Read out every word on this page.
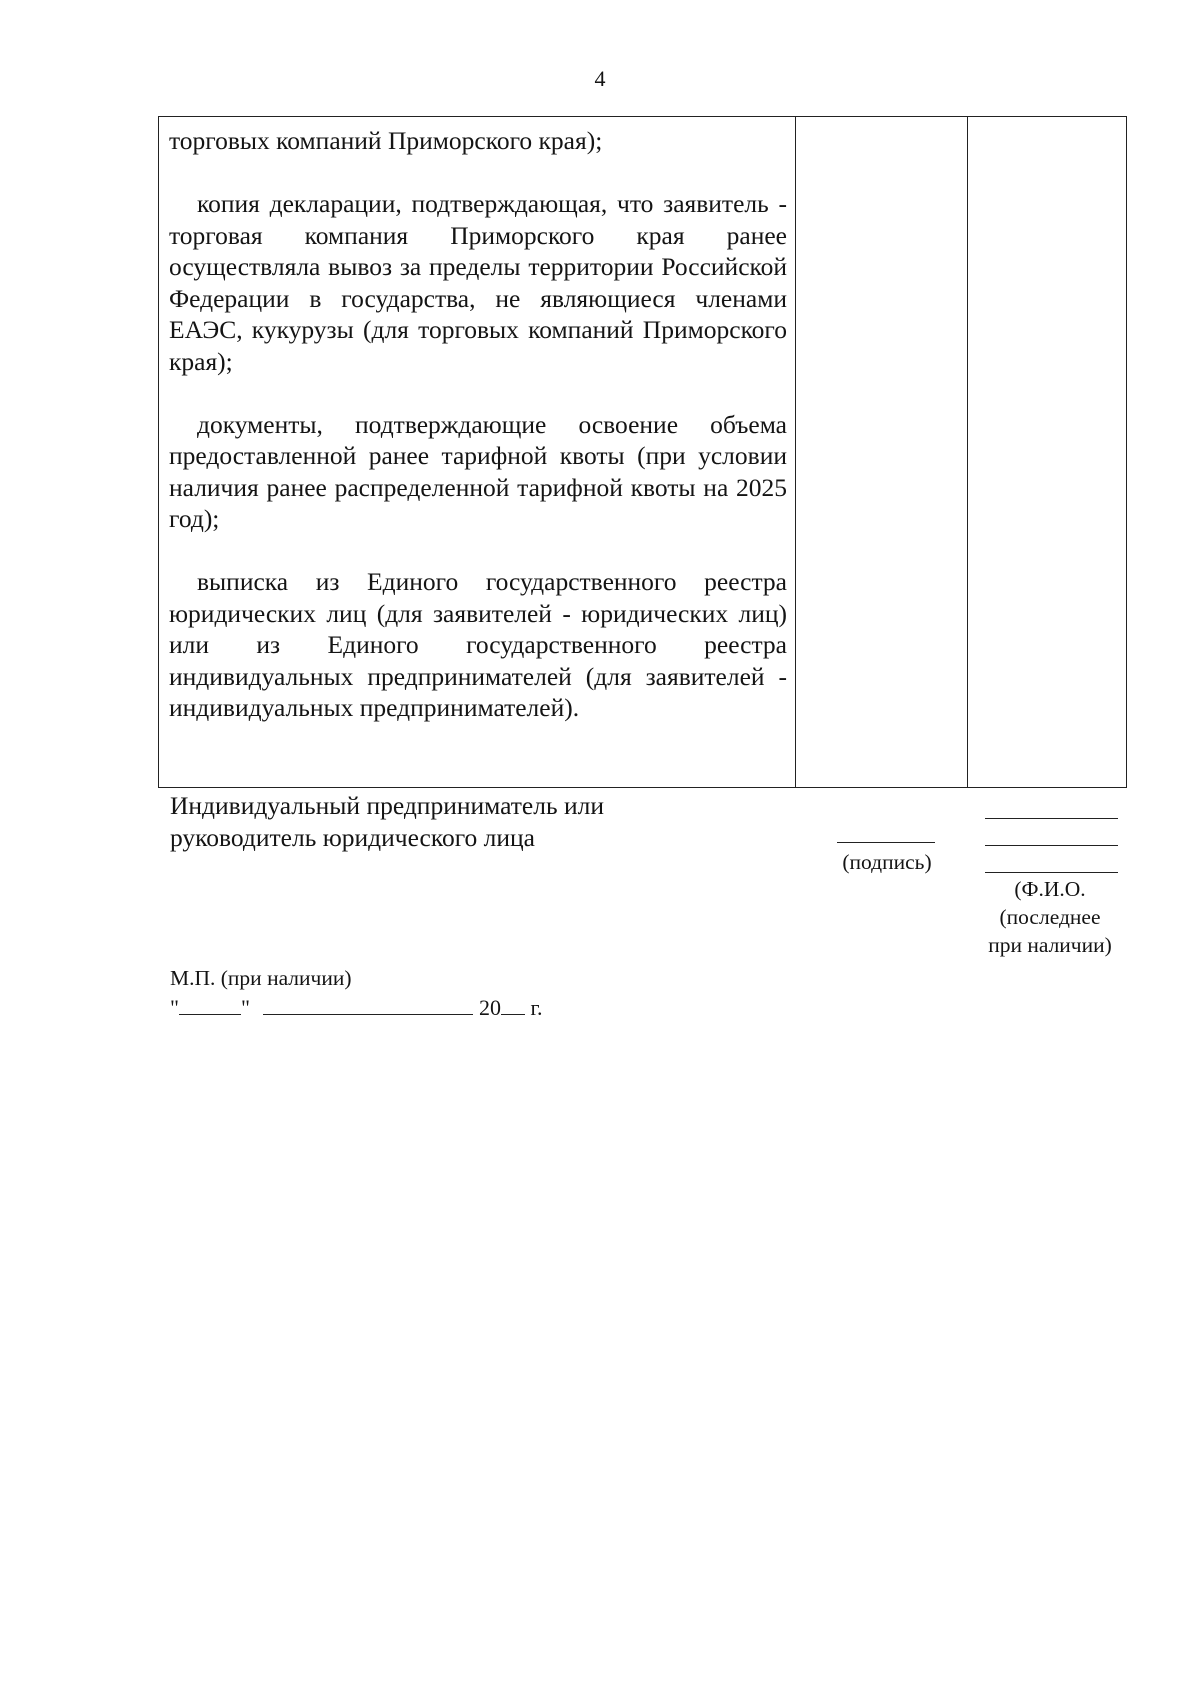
4

торговых компаний Приморского края);

копия декларации, подтверждающая, что заявитель - торговая компания Приморского края ранее осуществляла вывоз за пределы территории Российской Федерации в государства, не являющиеся членами ЕАЭС, кукурузы (для торговых компаний Приморского края);

документы, подтверждающие освоение объема предоставленной ранее тарифной квоты (при условии наличия ранее распределенной тарифной квоты на 2025 год);

выписка из Единого государственного реестра юридических лиц (для заявителей - юридических лиц) или из Единого государственного реестра индивидуальных предпринимателей (для заявителей - индивидуальных предпринимателей).

Индивидуальный предприниматель или
руководитель юридического лица
(подпись)
(Ф.И.О.
(последнее
при наличии)
М.П. (при наличии)
"	"	20 г.
